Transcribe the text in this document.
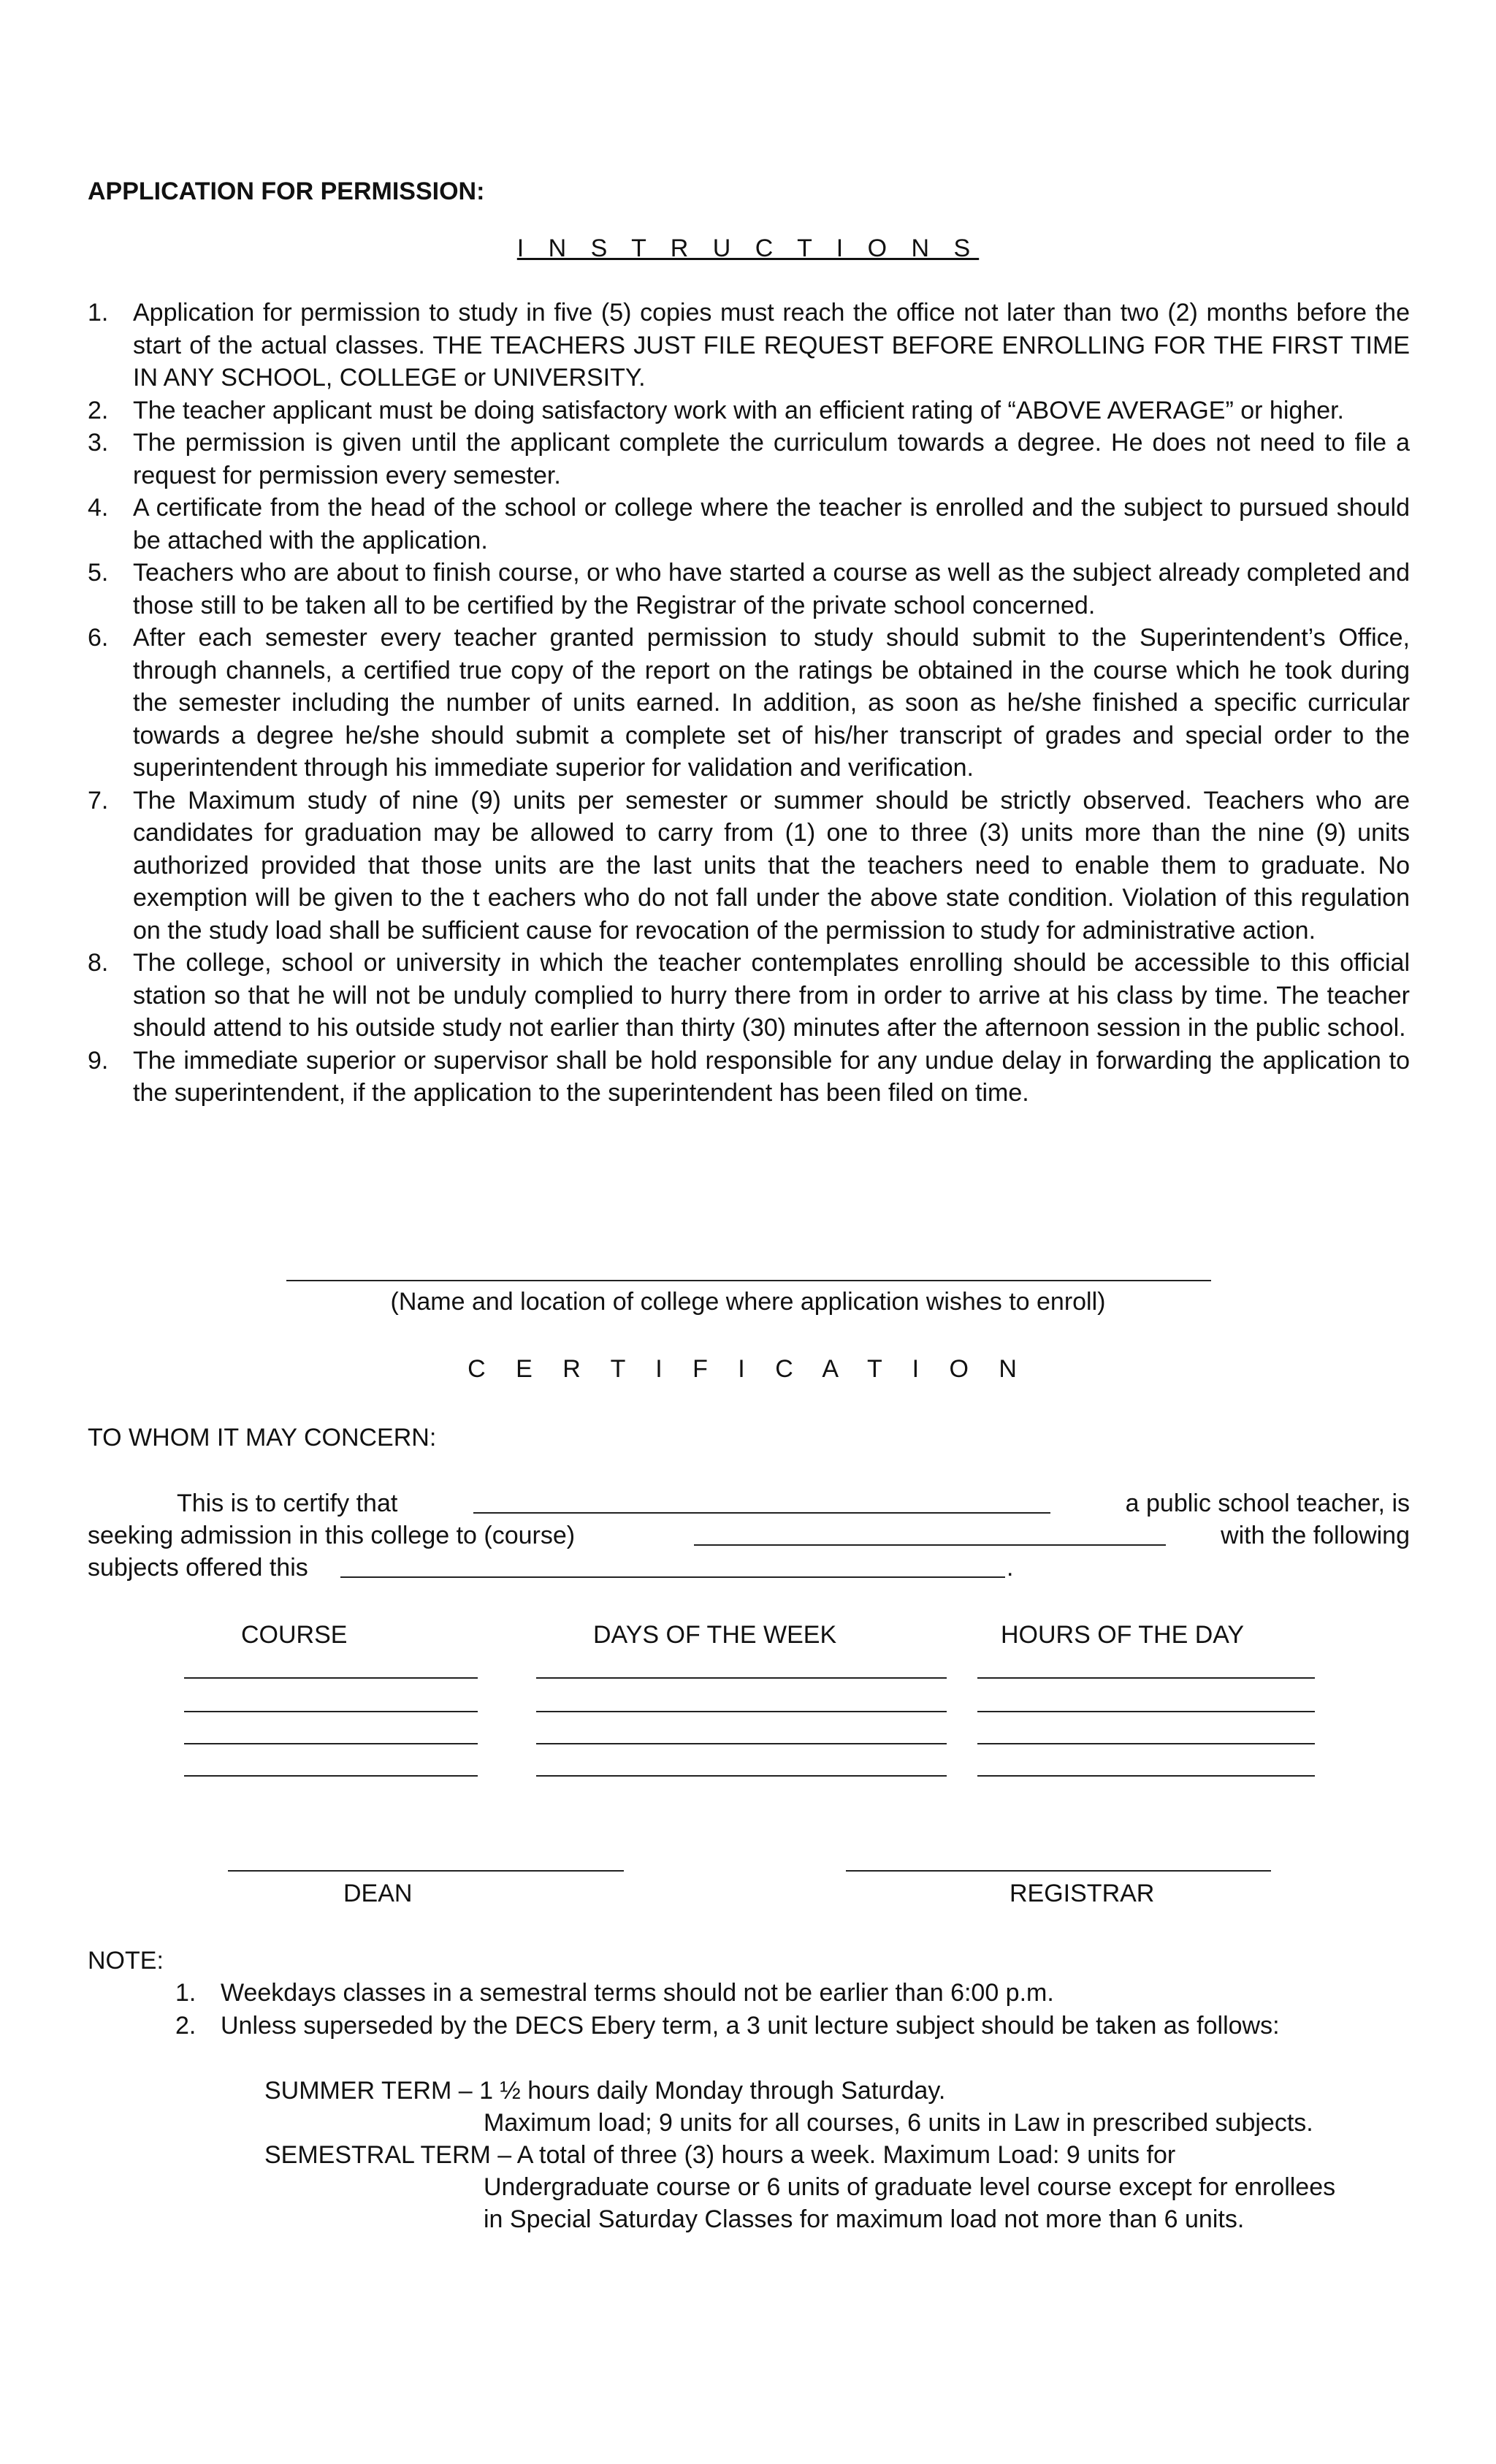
APPLICATION FOR PERMISSION:
I N S T R U C T I O N S
1. Application for permission to study in five (5) copies must reach the office not later than two (2) months before the start of the actual classes. THE TEACHERS JUST FILE REQUEST BEFORE ENROLLING FOR THE FIRST TIME IN ANY SCHOOL, COLLEGE or UNIVERSITY.
2. The teacher applicant must be doing satisfactory work with an efficient rating of “ABOVE AVERAGE” or higher.
3. The permission is given until the applicant complete the curriculum towards a degree. He does not need to file a request for permission every semester.
4. A certificate from the head of the school or college where the teacher is enrolled and the subject to pursued should be attached with the application.
5. Teachers who are about to finish course, or who have started a course as well as the subject already completed and those still to be taken all to be certified by the Registrar of the private school concerned.
6. After each semester every teacher granted permission to study should submit to the Superintendent’s Office, through channels, a certified true copy of the report on the ratings be obtained in the course which he took during the semester including the number of units earned. In addition, as soon as he/she finished a specific curricular towards a degree he/she should submit a complete set of his/her transcript of grades and special order to the superintendent through his immediate superior for validation and verification.
7. The Maximum study of nine (9) units per semester or summer should be strictly observed. Teachers who are candidates for graduation may be allowed to carry from (1) one to three (3) units more than the nine (9) units authorized provided that those units are the last units that the teachers need to enable them to graduate. No exemption will be given to the t eachers who do not fall under the above state condition. Violation of this regulation on the study load shall be sufficient cause for revocation of the permission to study for administrative action.
8. The college, school or university in which the teacher contemplates enrolling should be accessible to this official station so that he will not be unduly complied to hurry there from in order to arrive at his class by time. The teacher should attend to his outside study not earlier than thirty (30) minutes after the afternoon session in the public school.
9. The immediate superior or supervisor shall be hold responsible for any undue delay in forwarding the application to the superintendent, if the application to the superintendent has been filed on time.
(Name and location of college where application wishes to enroll)
C E R T I F I C A T I O N
TO WHOM IT MAY CONCERN:
This is to certify that	a public school teacher, is
seeking admission in this college to (course)	with the following
subjects offered this	.
COURSE	DAYS OF THE WEEK	HOURS OF THE DAY
DEAN	REGISTRAR
NOTE:
1. Weekdays classes in a semestral terms should not be earlier than 6:00 p.m.
2. Unless superseded by the DECS Ebery term, a 3 unit lecture subject should be taken as follows:
SUMMER TERM – 1 ½ hours daily Monday through Saturday.
Maximum load; 9 units for all courses, 6 units in Law in prescribed subjects.
SEMESTRAL TERM – A total of three (3) hours a week. Maximum Load: 9 units for
Undergraduate course or 6 units of graduate level course except for enrollees
in Special Saturday Classes for maximum load not more than 6 units.
